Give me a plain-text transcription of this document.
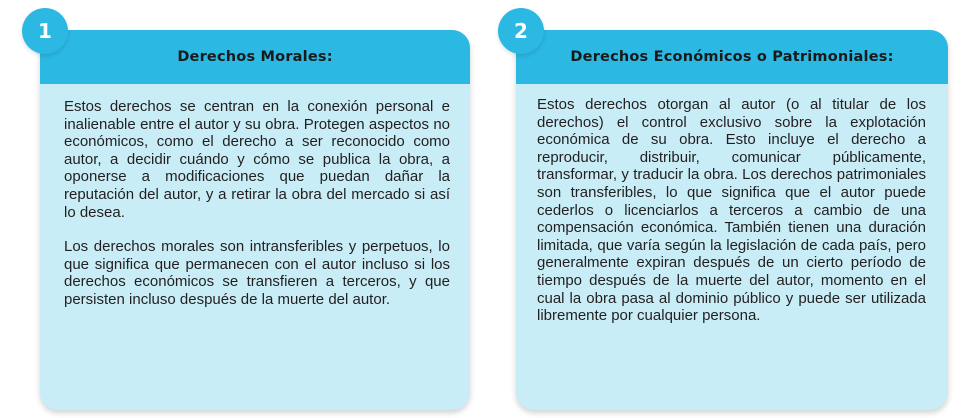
Derechos Morales:

Estos derechos se centran en la conexión personal e inalienable entre el autor y su obra. Protegen aspectos no económicos, como el derecho a ser reconocido como autor, a decidir cuándo y cómo se publica la obra, a oponerse a modificaciones que puedan dañar la reputación del autor, y a retirar la obra del mercado si así lo desea.

Los derechos morales son intransferibles y perpetuos, lo que significa que permanecen con el autor incluso si los derechos económicos se transfieren a terceros, y que persisten incluso después de la muerte del autor.

1
Derechos Económicos o Patrimoniales:

Estos derechos otorgan al autor (o al titular de los derechos) el control exclusivo sobre la explotación económica de su obra. Esto incluye el derecho a reproducir, distribuir, comunicar públicamente, transformar, y traducir la obra. Los derechos patrimoniales son transferibles, lo que significa que el autor puede cederlos o licenciarlos a terceros a cambio de una compensación económica. También tienen una duración limitada, que varía según la legislación de cada país, pero generalmente expiran después de un cierto período de tiempo después de la muerte del autor, momento en el cual la obra pasa al dominio público y puede ser utilizada libremente por cualquier persona.

2
